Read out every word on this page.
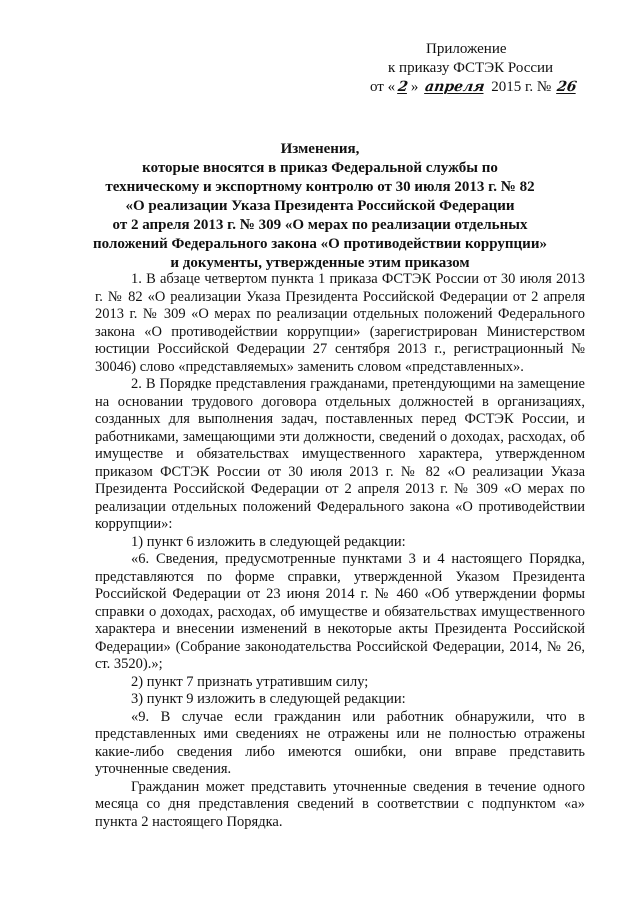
Приложение
к приказу ФСТЭК России
от « 2 » апреля 2015 г. № 26
Изменения,
которые вносятся в приказ Федеральной службы по
техническому и экспортному контролю от 30 июля 2013 г. № 82
«О реализации Указа Президента Российской Федерации
от 2 апреля 2013 г. № 309 «О мерах по реализации отдельных
положений Федерального закона «О противодействии коррупции»
и документы, утвержденные этим приказом

1. В абзаце четвертом пункта 1 приказа ФСТЭК России от 30 июля 2013 г. № 82 «О реализации Указа Президента Российской Федерации от 2 апреля 2013 г. № 309 «О мерах по реализации отдельных положений Федерального закона «О противодействии коррупции» (зарегистрирован Министерством юстиции Российской Федерации 27 сентября 2013 г., регистрационный № 30046) слово «представляемых» заменить словом «представленных».

2. В Порядке представления гражданами, претендующими на замещение на основании трудового договора отдельных должностей в организациях, созданных для выполнения задач, поставленных перед ФСТЭК России, и работниками, замещающими эти должности, сведений о доходах, расходах, об имуществе и обязательствах имущественного характера, утвержденном приказом ФСТЭК России от 30 июля 2013 г. № 82 «О реализации Указа Президента Российской Федерации от 2 апреля 2013 г. № 309 «О мерах по реализации отдельных положений Федерального закона «О противодействии коррупции»:

1) пункт 6 изложить в следующей редакции:

«6. Сведения, предусмотренные пунктами 3 и 4 настоящего Порядка, представляются по форме справки, утвержденной Указом Президента Российской Федерации от 23 июня 2014 г. № 460 «Об утверждении формы справки о доходах, расходах, об имуществе и обязательствах имущественного характера и внесении изменений в некоторые акты Президента Российской Федерации» (Собрание законодательства Российской Федерации, 2014, № 26, ст. 3520).»;

2) пункт 7 признать утратившим силу;

3) пункт 9 изложить в следующей редакции:

«9. В случае если гражданин или работник обнаружили, что в представленных ими сведениях не отражены или не полностью отражены какие-либо сведения либо имеются ошибки, они вправе представить уточненные сведения.

Гражданин может представить уточненные сведения в течение одного месяца со дня представления сведений в соответствии с подпунктом «а» пункта 2 настоящего Порядка.
